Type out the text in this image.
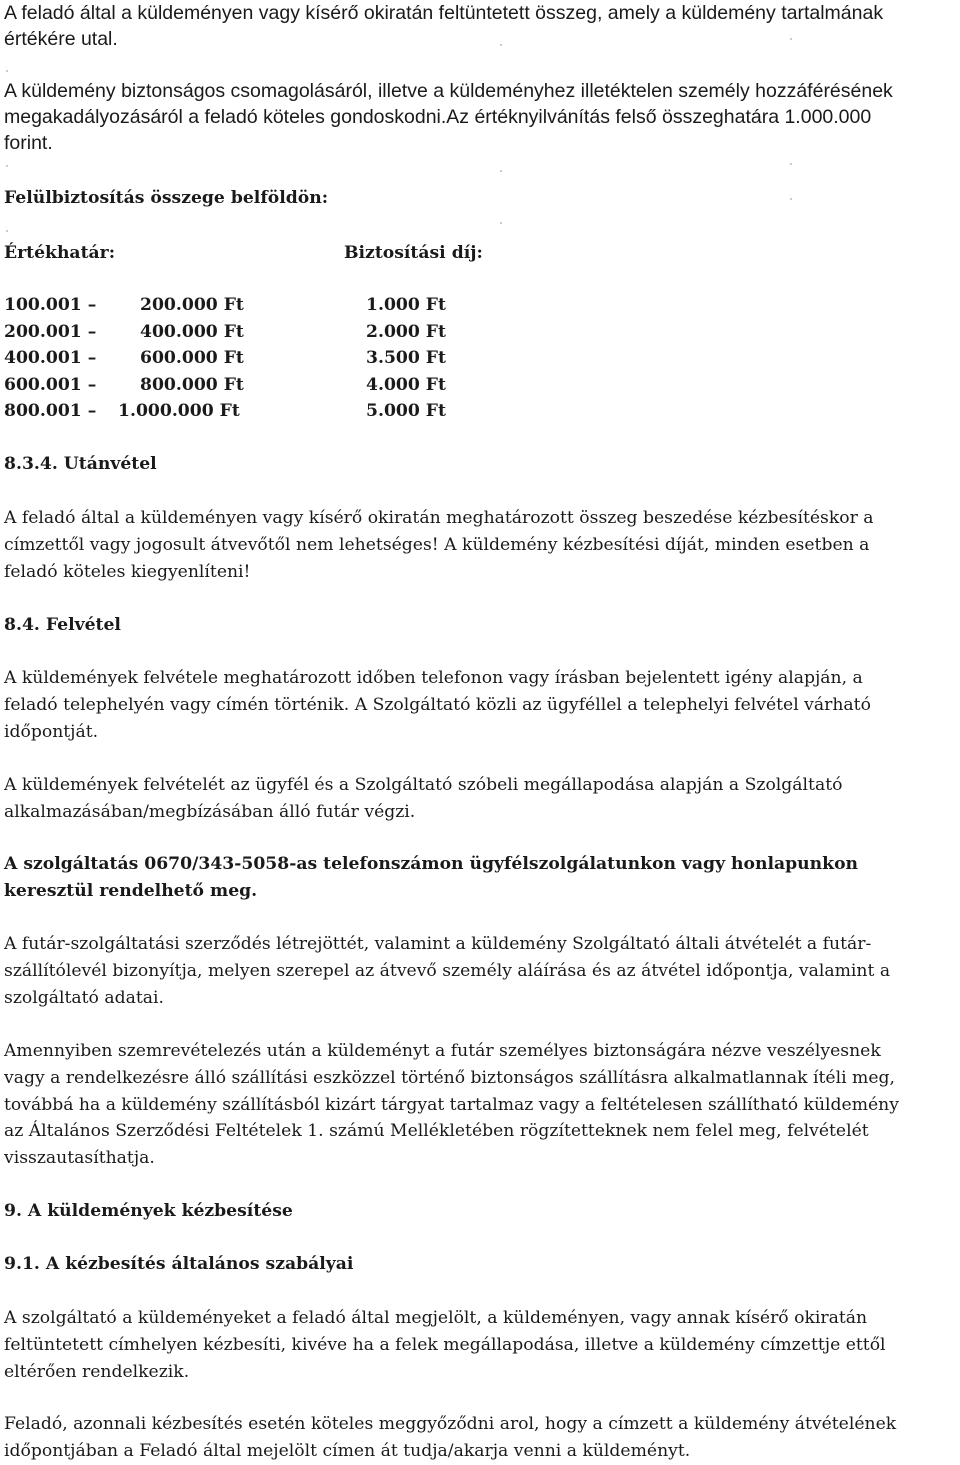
A feladó által a küldeményen vagy kísérő okiratán feltüntetett összeg, amely a küldemény tartalmának értékére utal.

A küldemény biztonságos csomagolásáról, illetve a küldeményhez illetéktelen személy hozzáférésének megakadályozásáról a feladó köteles gondoskodni.Az értéknyilvánítás felső összeghatára 1.000.000 forint.

Felülbiztosítás összege belföldön:

Értékhatár:	Biztosítási díj:
100.001 –	200.000 Ft	1.000 Ft
200.001 –	400.000 Ft	2.000 Ft
400.001 –	600.000 Ft	3.500 Ft
600.001 –	800.000 Ft	4.000 Ft
800.001 – 1.000.000 Ft	5.000 Ft

8.3.4. Utánvétel

A feladó által a küldeményen vagy kísérő okiratán meghatározott összeg beszedése kézbesítéskor a címzettől vagy jogosult átvevőtől nem lehetséges! A küldemény kézbesítési díját, minden esetben a feladó köteles kiegyenlíteni!

8.4. Felvétel

A küldemények felvétele meghatározott időben telefonon vagy írásban bejelentett igény alapján, a feladó telephelyén vagy címén történik. A Szolgáltató közli az ügyféllel a telephelyi felvétel várható időpontját.

A küldemények felvételét az ügyfél és a Szolgáltató szóbeli megállapodása alapján a Szolgáltató alkalmazásában/megbízásában álló futár végzi.

A szolgáltatás 0670/343-5058-as telefonszámon ügyfélszolgálatunkon vagy honlapunkon keresztül rendelhető meg.

A futár-szolgáltatási szerződés létrejöttét, valamint a küldemény Szolgáltató általi átvételét a futár-szállítólevél bizonyítja, melyen szerepel az átvevő személy aláírása és az átvétel időpontja, valamint a szolgáltató adatai.

Amennyiben szemrevételezés után a küldeményt a futár személyes biztonságára nézve veszélyesnek vagy a rendelkezésre álló szállítási eszközzel történő biztonságos szállításra alkalmatlannak ítéli meg, továbbá ha a küldemény szállításból kizárt tárgyat tartalmaz vagy a feltételesen szállítható küldemény az Általános Szerződési Feltételek 1. számú Mellékletében rögzítetteknek nem felel meg, felvételét visszautasíthatja.

9. A küldemények kézbesítése

9.1. A kézbesítés általános szabályai

A szolgáltató a küldeményeket a feladó által megjelölt, a küldeményen, vagy annak kísérő okiratán feltüntetett címhelyen kézbesíti, kivéve ha a felek megállapodása, illetve a küldemény címzettje ettől eltérően rendelkezik.

Feladó, azonnali kézbesítés esetén köteles meggyőződni arol, hogy a címzett a küldemény átvételének időpontjában a Feladó által mejelölt címen át tudja/akarja venni a küldeményt.
